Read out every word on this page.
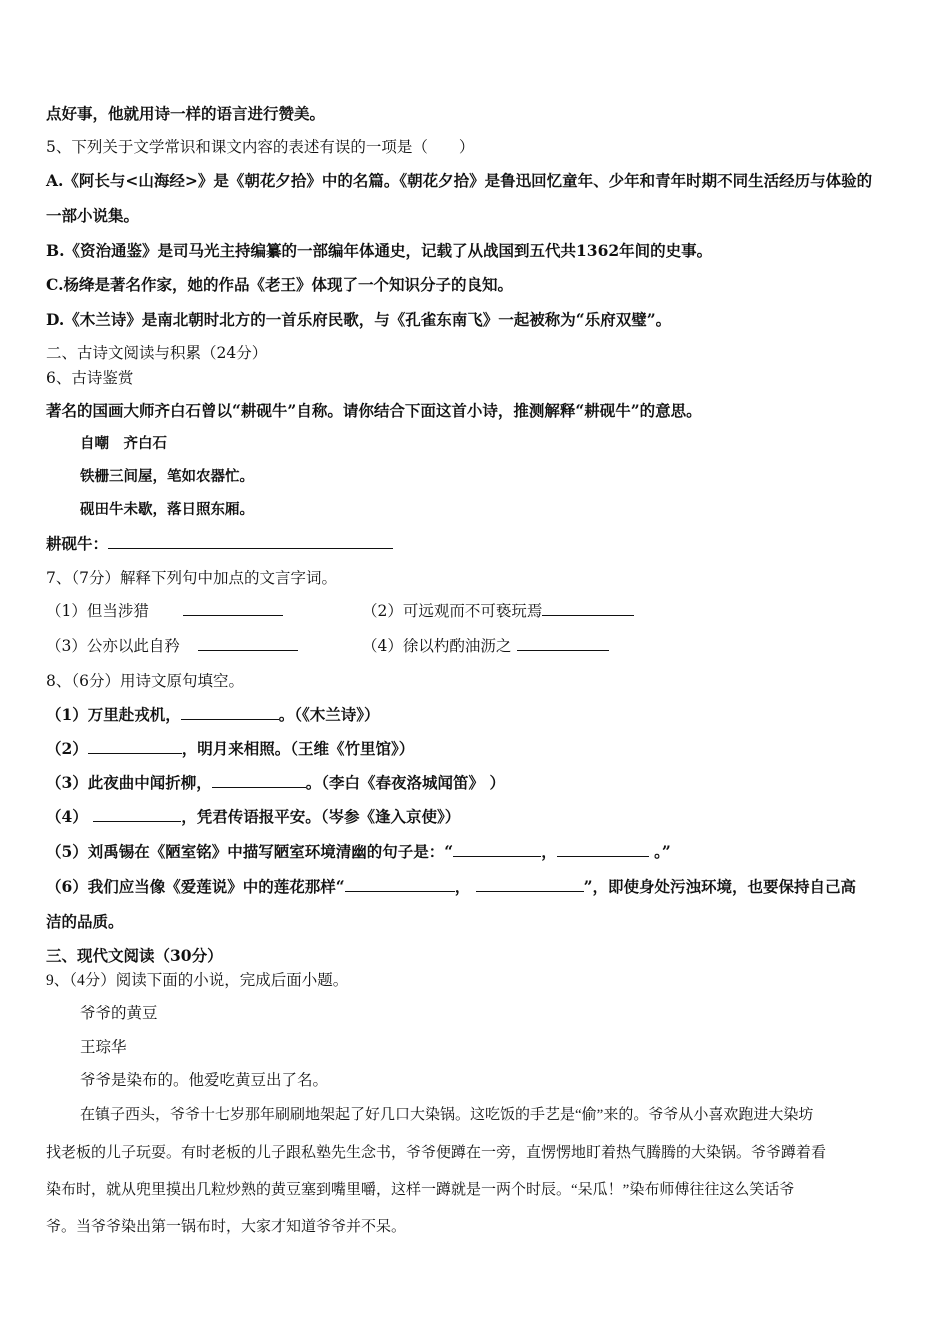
点好事，他就用诗一样的语言进行赞美。
5、下列关于文学常识和课文内容的表述有误的一项是（　　）
A.《阿长与<山海经>》是《朝花夕拾》中的名篇。《朝花夕拾》是鲁迅回忆童年、少年和青年时期不同生活经历与体验的
一部小说集。
B.《资治通鉴》是司马光主持编纂的一部编年体通史，记载了从战国到五代共1362年间的史事。
C.杨绛是著名作家，她的作品《老王》体现了一个知识分子的良知。
D.《木兰诗》是南北朝时北方的一首乐府民歌，与《孔雀东南飞》一起被称为“乐府双璧”。
二、古诗文阅读与积累（24分）
6、古诗鉴赏
著名的国画大师齐白石曾以“耕砚牛”自称。请你结合下面这首小诗，推测解释“耕砚牛”的意思。
自嘲　齐白石
铁栅三间屋，笔如农器忙。
砚田牛未歇，落日照东厢。
耕砚牛：
7、（7分）解释下列句中加点的文言字词。
（1）但当涉猎	（2）可远观而不可亵玩焉
（3）公亦以此自矜	（4）徐以杓酌油沥之
8、（6分）用诗文原句填空。
（1）万里赴戎机，	。（《木兰诗》）
（2）	，明月来相照。（王维《竹里馆》）
（3）此夜曲中闻折柳，	。（李白《春夜洛城闻笛》 ）
（4）	，凭君传语报平安。（岑参《逢入京使》）
（5）刘禹锡在《陋室铭》中描写陋室环境清幽的句子是：“	，	。”
（6）我们应当像《爱莲说》中的莲花那样“	，	”，即使身处污浊环境，也要保持自己高
洁的品质。
三、现代文阅读（30分）
9、（4分）阅读下面的小说，完成后面小题。
爷爷的黄豆
王琮华
爷爷是染布的。他爱吃黄豆出了名。
在镇子西头，爷爷十七岁那年刷刷地架起了好几口大染锅。这吃饭的手艺是“偷”来的。爷爷从小喜欢跑进大染坊
找老板的儿子玩耍。有时老板的儿子跟私塾先生念书，爷爷便蹲在一旁，直愣愣地盯着热气腾腾的大染锅。爷爷蹲着看
染布时，就从兜里摸出几粒炒熟的黄豆塞到嘴里嚼，这样一蹲就是一两个时辰。“呆瓜！”染布师傅往往这么笑话爷
爷。当爷爷染出第一锅布时，大家才知道爷爷并不呆。
